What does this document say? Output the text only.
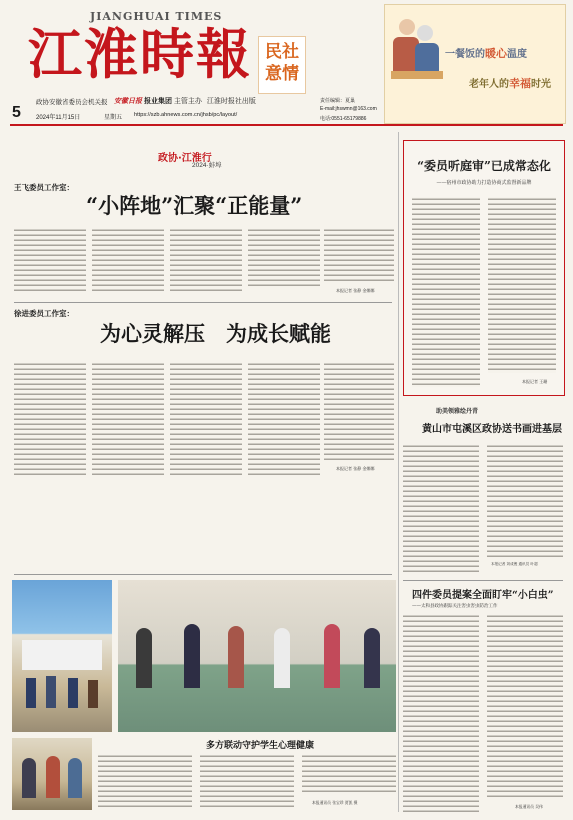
JIANGHUAI TIMES
江淮時報 民社意情
5
政协安徽省委员会机关报 安徽日报 报业集团 主管主办 江淮时报社出版
2024年11月15日	星期五 https://szb.ahnews.com.cn/jhsb/pc/layout/
责任编辑：夏巢
E-mail:jhswmn@163.com
电话:0551-65179886
一餐饭的暖心温度
老年人的幸福时光
政协·江淮行
2024·蚌埠
王飞委员工作室：
“小阵地”汇聚“正能量”
本报记者 张静 金娜娜
徐进委员工作室：
为心灵解压　为成长赋能
本报记者 张静 金娜娜
“委员听庭审”已成常态化
——宿州市政协助力打造协商式监督新品牌
本报记者 王珊
助美领雅绘丹青
黄山市屯溪区政协送书画进基层
本报记者 刘成俊 通讯员 叶超
多方联动守护学生心理健康
本报通讯员 张宝珍 贾凯 摄
四件委员提案全面盯牢“小白虫”
——太和县政协跟踪关注害虫害虫防治工作
本报通讯员 吴伟
